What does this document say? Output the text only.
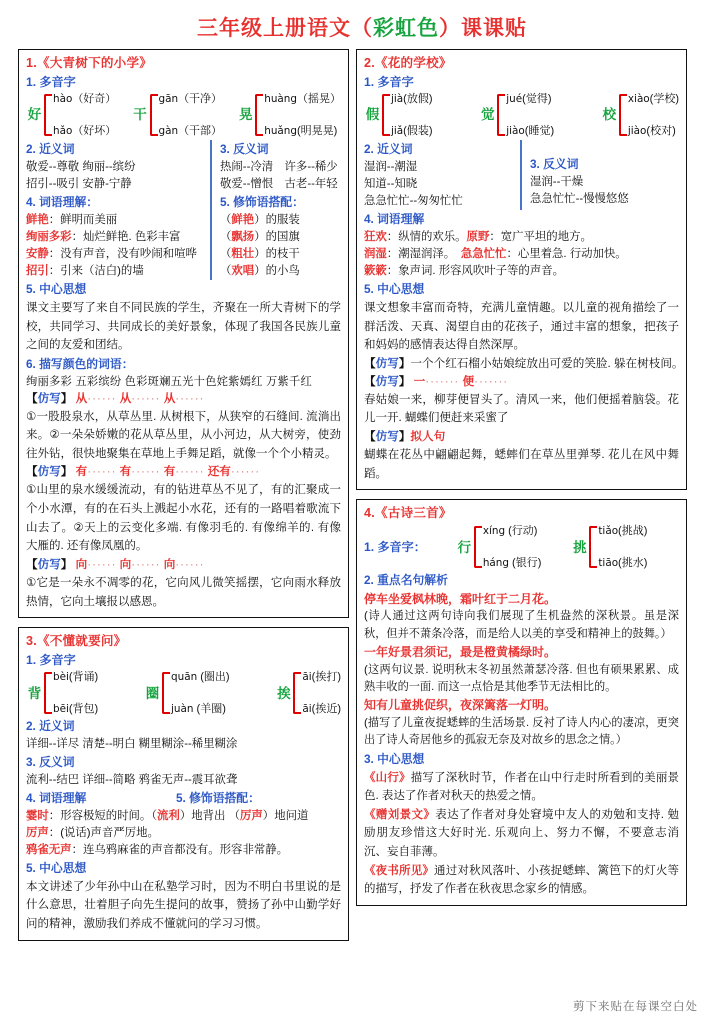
三年级上册语文（彩虹色）课课贴
1.《大青树下的小学》
1. 多音字
好
hào（好奇）
hǎo（好坏）
干
gān（干净）
gàn（干部）
晃
huàng（摇晃）
huǎng(明晃晃)
2. 近义词
敬爱--尊敬 绚丽--缤纷
招引--吸引 安静-宁静
3. 反义词
热闹--冷清　许多--稀少
敬爱--憎恨　古老--年轻
4. 词语理解：
鲜艳：鲜明而美丽
绚丽多彩：灿烂鲜艳. 色彩丰富
安静：没有声音，没有吵闹和喧哗
招引：引来（洁白)的墙
5. 修饰语搭配：
（鲜艳）的服装
（飘扬）的国旗
（粗壮）的枝干
（欢唱）的小鸟
5. 中心思想
课文主要写了来自不同民族的学生，齐聚在一所大青树下的学校，共同学习、共同成长的美好景象，体现了我国各民族儿童之间的友爱和团结。
6. 描写颜色的词语：
绚丽多彩 五彩缤纷 色彩斑斓五光十色姹紫嫣红 万紫千红
【仿写】 从······ 从······ 从······
①一股股泉水，从草丛里. 从树根下，从狭窄的石缝间. 流淌出来。②一朵朵娇嫩的花从草丛里，从小河边，从大树旁，使劲往外钻，很快地聚集在草地上手舞足蹈，就像一个个小精灵。
【仿写】 有······ 有······ 有······ 还有······
①山里的泉水缓缓流动，有的钻进草丛不见了，有的汇聚成一个小水潭，有的在石头上溅起小水花，还有的一路唱着歌流下山去了。②天上的云变化多端. 有像羽毛的. 有像绵羊的. 有像大雁的. 还有像凤凰的。
【仿写】 向······ 向······ 向······
①它是一朵永不凋零的花，它向风儿微笑摇摆，它向雨水释放热情，它向土壤报以感恩。
3.《不懂就要问》
1. 多音字
背
bèi(背诵)
bēi(背包)
圈
quān (圈出)
juàn (羊圈)
挨
āi(挨打)
āi(挨近)
2. 近义词
详细--详尽 清楚--明白 糊里糊涂--稀里糊涂
3. 反义词
流利--结巴 详细--简略 鸦雀无声--震耳欲聋
4. 词语理解	5. 修饰语搭配：
霎时：形容极短的时间。（流利）地背出 （厉声）地问道
厉声：(说话)声音严厉地。
鸦雀无声：连乌鸦麻雀的声音都没有。形容非常静。
5. 中心思想
本文讲述了少年孙中山在私塾学习时，因为不明白书里说的是什么意思，壮着胆子向先生提问的故事，赞扬了孙中山勤学好问的精神，激励我们养成不懂就问的学习习惯。
2.《花的学校》
1. 多音字
假
jià(放假)
jiǎ(假装)
觉
jué(觉得)
jiào(睡觉)
校
xiào(学校)
jiào(校对)
2. 近义词
湿润--潮湿
知道--知晓
急急忙忙--匆匆忙忙
3. 反义词
湿润--干燥
急急忙忙--慢慢悠悠
4. 词语理解
狂欢：纵情的欢乐。原野：宽广平坦的地方。
润湿：潮湿润泽。　 急急忙忙：心里着急. 行动加快。
簌簌：象声词. 形容风吹叶子等的声音。
5. 中心思想
课文想象丰富而奇特，充满儿童情趣。以儿童的视角描绘了一群活泼、天真、渴望自由的花孩子，通过丰富的想象，把孩子和妈妈的感情表达得自然深厚。
【仿写】一个个红石榴小姑娘绽放出可爱的笑脸. 躲在树枝间。
【仿写】 一······· 便·······
春姑娘一来，柳芽便冒头了。清风一来，他们便摇着脑袋。花儿一开. 蝴蝶们便赶来采蜜了
【仿写】拟人句
蝴蝶在花丛中翩翩起舞，蟋蟀们在草丛里弹琴. 花儿在风中舞蹈。
4.《古诗三首》
1. 多音字： 行
xíng (行动)
háng (银行)
挑
tiǎo(挑战)
tiāo(挑水)
2. 重点名句解析
停车坐爱枫林晚，霜叶红于二月花。
(诗人通过这两句诗向我们展现了生机盎然的深秋景。虽是深秋，但并不萧条冷落，而是给人以美的享受和精神上的鼓舞。）
一年好景君须记，最是橙黄橘绿时。
(这两句议景. 说明秋末冬初虽然萧瑟冷落. 但也有硕果累累、成熟丰收的一面. 而这一点恰是其他季节无法相比的。
知有儿童挑促织，夜深篱落一灯明。
(描写了儿童夜捉蟋蟀的生活场景. 反衬了诗人内心的凄凉，更突出了诗人奇居他乡的孤寂无奈及对故乡的思念之情。）
3. 中心思想
《山行》描写了深秋时节，作者在山中行走时所看到的美丽景色. 表达了作者对秋天的热爱之情。
《赠刘景文》表达了作者对身处窘境中友人的劝勉和支持. 勉励朋友珍惜这大好时光. 乐观向上、努力不懈，不要意志消沉、妄自菲薄。
《夜书所见》通过对秋风落叶、小孩捉蟋蟀、篱笆下的灯火等的描写，抒发了作者在秋夜思念家乡的情感。
剪下来贴在每课空白处
